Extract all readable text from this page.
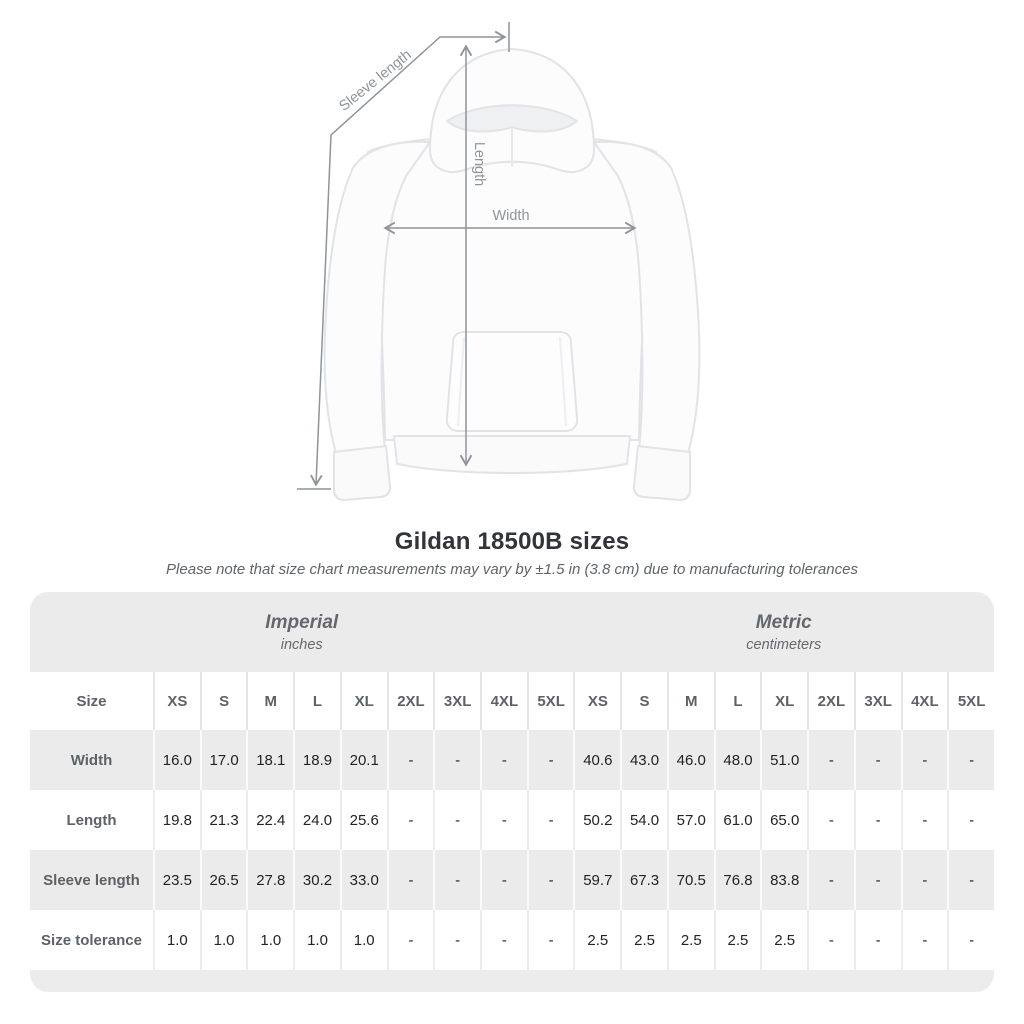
Sleeve length
Length
Width
Gildan 18500B sizes

Please note that size chart measurements may vary by ±1.5 in (3.8 cm) due to manufacturing tolerances

Imperial
inches

Metric
centimeters

Size	XS	S	M	L	XL	2XL	3XL	4XL	5XL	XS	S	M	L	XL	2XL	3XL	4XL	5XL
Width	16.0	17.0	18.1	18.9	20.1	-	-	-	-	40.6	43.0	46.0	48.0	51.0	-	-	-	-
Length	19.8	21.3	22.4	24.0	25.6	-	-	-	-	50.2	54.0	57.0	61.0	65.0	-	-	-	-
Sleeve length	23.5	26.5	27.8	30.2	33.0	-	-	-	-	59.7	67.3	70.5	76.8	83.8	-	-	-	-
Size tolerance	1.0	1.0	1.0	1.0	1.0	-	-	-	-	2.5	2.5	2.5	2.5	2.5	-	-	-	-
